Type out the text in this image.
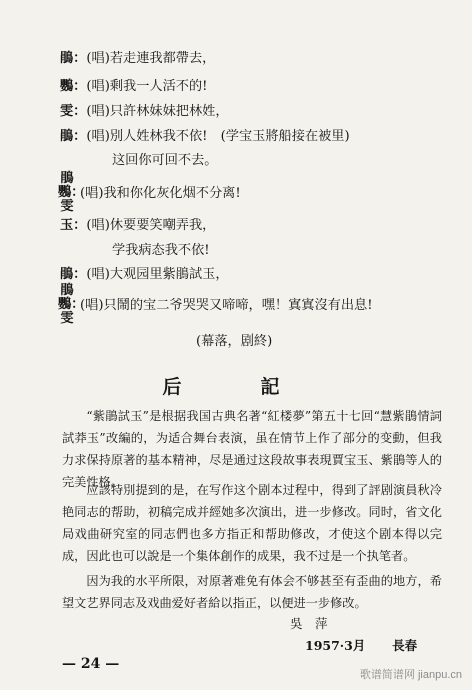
鵑：(唱)若走連我都帶去，
鸚：(唱)剩我一人活不的!
雯：(唱)只許林妹妹把林姓，
鵑：(唱)別人姓林我不依!　(学宝玉將船接在被里)
这回你可回不去。
鵑
鸚：
雯
(唱)我和你化灰化烟不分离!
玉：(唱)休要要笑嘲弄我，
学我病态我不依!
鵑：(唱)大观园里紫鵑試玉，
鵑
鸚：
雯
(唱)只鬧的宝二爷哭哭又啼啼，嘿！寘寘沒有出息!
(幕落，剧終)
后　記
“紫鵑試玉”是根据我国古典名著“紅楼夢”第五十七回“慧紫鵑情詞試莽玉”改編的，为适合舞台表演，虽在情节上作了部分的变動，但我力求保持原著的基本精神，尽是通过这段故事表現賈宝玉、紫鵑等人的完美性格。
应該特別提到的是，在写作这个剧本过程中，得到了評剧演員秋冷艳同志的帮助，初稿完成并經她多次演出，进一步修改。同时，省文化局戏曲研究室的同志們也多方指正和帮助修改，才使这个剧本得以完成，因此也可以說是一个集体創作的成果，我不过是一个执笔者。
因为我的水平所限，对原著难免有体会不够甚至有歪曲的地方，希望文艺界同志及戏曲爱好者給以指正，以便进一步修改。
吳　萍
1957·3月 長春
— 24 —
歌谱简谱网 jianpu.cn
